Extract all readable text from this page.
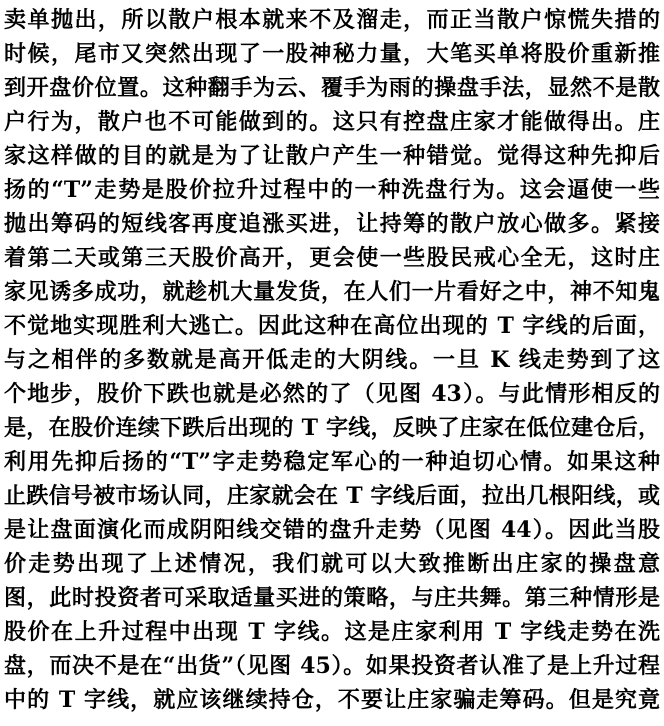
卖单抛出，所以散户根本就来不及溜走，而正当散户惊慌失措的
时候，尾市又突然出现了一股神秘力量，大笔买单将股价重新推
到开盘价位置。这种翻手为云、覆手为雨的操盘手法，显然不是散
户行为，散户也不可能做到的。这只有控盘庄家才能做得出。庄
家这样做的目的就是为了让散户产生一种错觉。觉得这种先抑后
扬的“T”走势是股价拉升过程中的一种洗盘行为。这会逼使一些
抛出筹码的短线客再度追涨买进，让持筹的散户放心做多。紧接
着第二天或第三天股价高开，更会使一些股民戒心全无，这时庄
家见诱多成功，就趁机大量发货，在人们一片看好之中，神不知鬼
不觉地实现胜利大逃亡。因此这种在高位出现的 T 字线的后面，
与之相伴的多数就是高开低走的大阴线。一旦 K 线走势到了这
个地步，股价下跌也就是必然的了（见图 43）。与此情形相反的
是，在股价连续下跌后出现的 T 字线，反映了庄家在低位建仓后，
利用先抑后扬的“T”字走势稳定军心的一种迫切心情。如果这种
止跌信号被市场认同，庄家就会在 T 字线后面，拉出几根阳线，或
是让盘面演化而成阴阳线交错的盘升走势（见图 44）。因此当股
价走势出现了上述情况，我们就可以大致推断出庄家的操盘意
图，此时投资者可采取适量买进的策略，与庄共舞。第三种情形是
股价在上升过程中出现 T 字线。这是庄家利用 T 字线走势在洗
盘，而决不是在“出货”（见图 45）。如果投资者认准了是上升过程
中的 T 字线，就应该继续持仓，不要让庄家骗走筹码。但是究竟
